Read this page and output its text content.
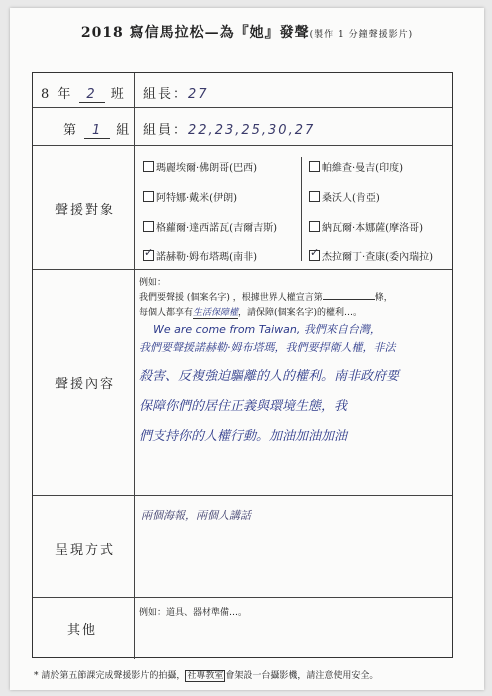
2018 寫信馬拉松—為『她』發聲(製作 1 分鐘聲援影片)
8 年 2 班 組長：27
第 1 組 組員：22,23,25,30,27
聲援對象
聲援內容
呈現方式
其他
瑪麗埃爾·佛朗哥(巴西)	帕維查·曼吉(印度)
阿特娜·戴米(伊朗)	桑沃人(肯亞)
格蘿爾·達西諾瓦(吉爾吉斯)	納瓦爾·本娜薩(摩洛哥)
✓諾赫勒·姆布塔瑪(南非)
✓	杰拉爾丁·查康(委內瑞拉)
例如：
我們要聲援 (個案名字) ，根據世界人權宣言第	條，
每個人都享有生活保障權，請保障(個案名字)的權利…。
We are come from Taiwan, 我們來自台灣，
我們要聲援諾赫勒·姆布塔瑪，我們要捍衛人權，非法
殺害、反複強迫驅離的人的權利。南非政府要
保障你們的居住正義與環境生態，我
們支持你的人權行動。加油加油加油
兩個海報，兩個人講話
例如：道具、器材準備…。
* 請於第五節課完成聲援影片的拍攝， 社專教室 會架設一台攝影機，請注意使用安全。
